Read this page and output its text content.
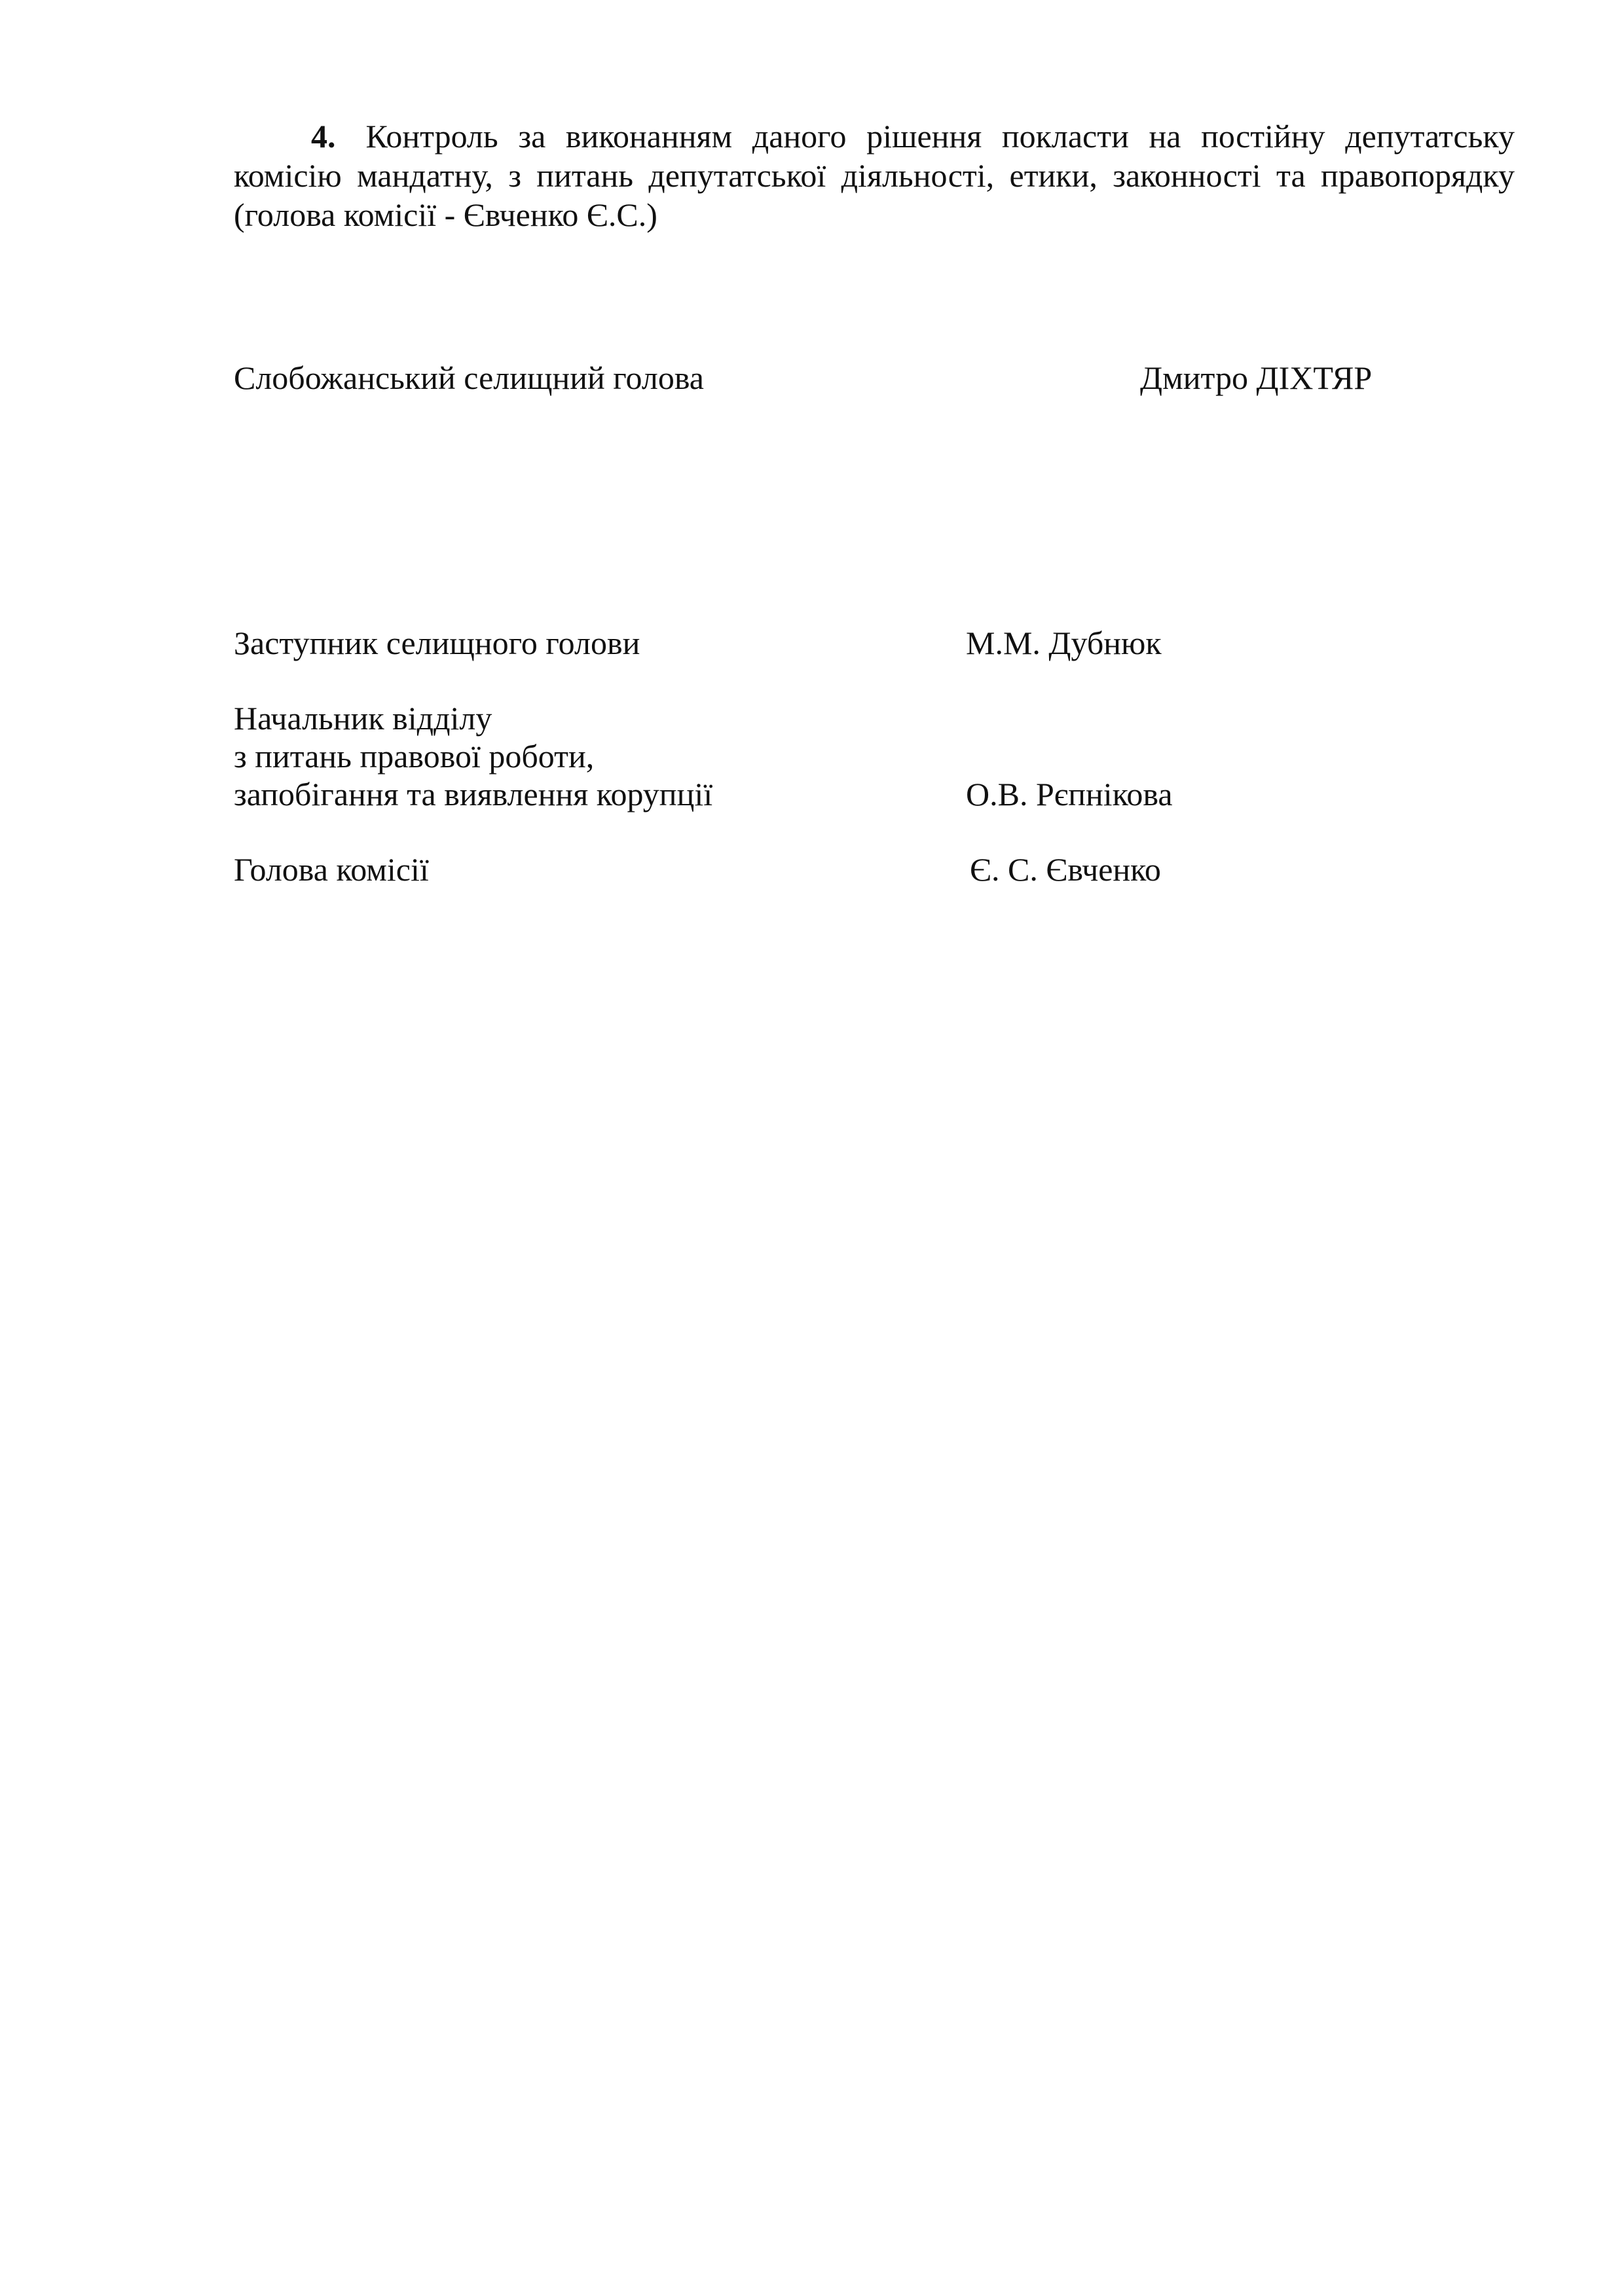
4. Контроль за виконанням даного рішення покласти на постійну депутатську комісію мандатну, з питань депутатської діяльності, етики, законності та правопорядку (голова комісії - Євченко Є.С.)
Слобожанський селищний голова	Дмитро ДІХТЯР
Заступник селищного голови	М.М. Дубнюк
Начальник відділу
з питань правової роботи,
запобігання та виявлення корупції	О.В. Рєпнікова
Голова комісії	Є. С. Євченко
